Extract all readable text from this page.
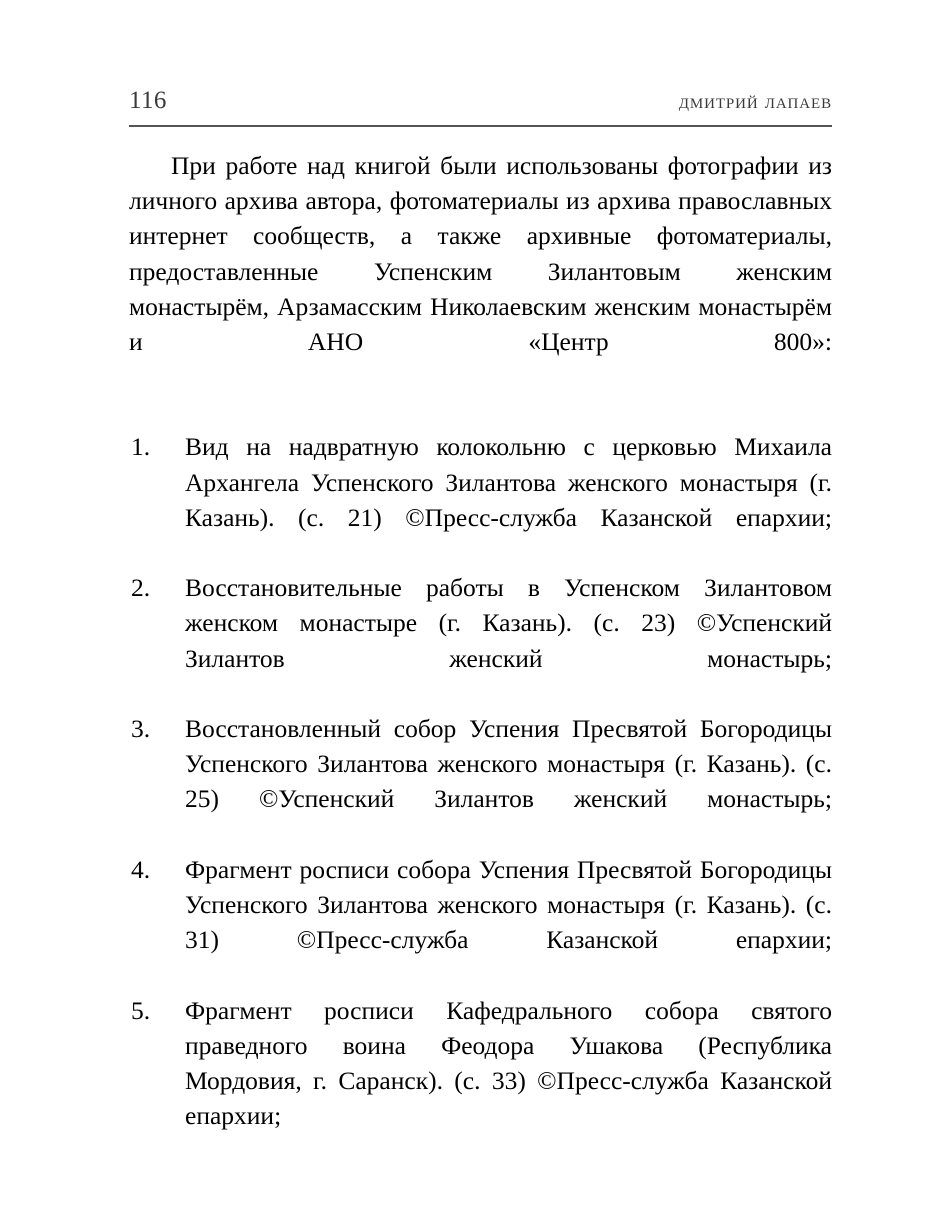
116	дмитрий лапаев

При работе над книгой были использованы фотографии из личного архива автора, фотоматериалы из архива православных интернет сообществ, а также архивные фотоматериалы, предоставленные Успенским Зилантовым женским монастырём, Арзамасским Николаевским женским монастырём и АНО «Центр 800»:

1.	Вид на надвратную колокольню с церковью Михаила Архангела Успенского Зилантова женского монастыря (г. Казань). (с. 21) ©Пресс-служба Казанской епархии;
2.	Восстановительные работы в Успенском Зилантовом женском монастыре (г. Казань). (с. 23) ©Успенский Зилантов женский монастырь;
3.	Восстановленный собор Успения Пресвятой Богородицы Успенского Зилантова женского монастыря (г. Казань). (с. 25) ©Успенский Зилантов женский монастырь;
4.	Фрагмент росписи собора Успения Пресвятой Богородицы Успенского Зилантова женского монастыря (г. Казань). (с. 31) ©Пресс-служба Казанской епархии;
5.	Фрагмент росписи Кафедрального собора святого праведного воина Феодора Ушакова (Республика Мордовия, г. Саранск). (с. 33) ©Пресс-служба Казанской епархии;
